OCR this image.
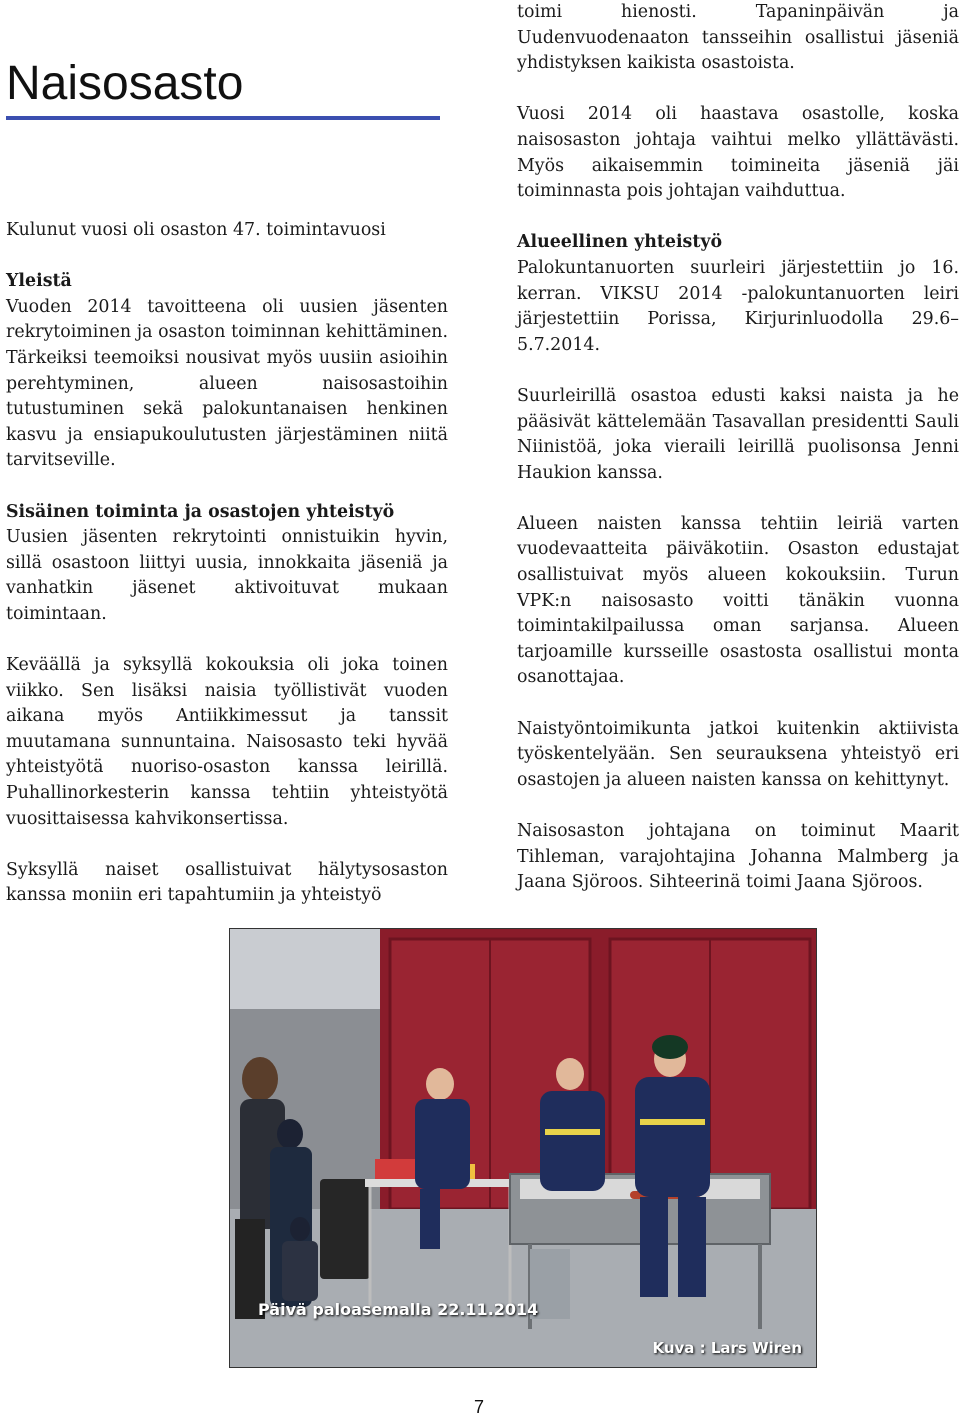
Naisosasto

Kulunut vuosi oli osaston 47. toimintavuosi

Yleistä

Vuoden 2014 tavoitteena oli uusien jäsenten rekrytoiminen ja osaston toiminnan kehittäminen. Tärkeiksi teemoiksi nousivat myös uusiin asioihin perehtyminen, alueen naisosastoihin tutustuminen sekä palokuntanaisen henkinen kasvu ja ensiapukoulutusten järjestäminen niitä tarvitseville.

Sisäinen toiminta ja osastojen yhteistyö

Uusien jäsenten rekrytointi onnistuikin hyvin, sillä osastoon liittyi uusia, innokkaita jäseniä ja vanhatkin jäsenet aktivoituvat mukaan toimintaan.

Keväällä ja syksyllä kokouksia oli joka toinen viikko. Sen lisäksi naisia työllistivät vuoden aikana myös Antiikkimessut ja tanssit muutamana sunnuntaina. Naisosasto teki hyvää yhteistyötä nuoriso-osaston kanssa leirillä. Puhallinorkesterin kanssa tehtiin yhteistyötä vuosittaisessa kahvikonsertissa.

Syksyllä naiset osallistuivat hälytysosaston kanssa moniin eri tapahtumiin ja yhteistyö

toimi hienosti. Tapaninpäivän ja Uudenvuodenaaton tansseihin osallistui jäseniä yhdistyksen kaikista osastoista.

Vuosi 2014 oli haastava osastolle, koska naisosaston johtaja vaihtui melko yllättävästi. Myös aikaisemmin toimineita jäseniä jäi toiminnasta pois johtajan vaihduttua.

Alueellinen yhteistyö

Palokuntanuorten suurleiri järjestettiin jo 16. kerran. VIKSU 2014 -palokuntanuorten leiri järjestettiin Porissa, Kirjurinluodolla 29.6–5.7.2014.

Suurleirillä osastoa edusti kaksi naista ja he pääsivät kättelemään Tasavallan presidentti Sauli Niinistöä, joka vieraili leirillä puolisonsa Jenni Haukion kanssa.

Alueen naisten kanssa tehtiin leiriä varten vuodevaatteita päiväkotiin. Osaston edustajat osallistuivat myös alueen kokouksiin. Turun VPK:n naisosasto voitti tänäkin vuonna toimintakilpailussa oman sarjansa. Alueen tarjoamille kursseille osastosta osallistui monta osanottajaa.

Naistyöntoimikunta jatkoi kuitenkin aktiivista työskentelyään. Sen seurauksena yhteistyö eri osastojen ja alueen naisten kanssa on kehittynyt.

Naisosaston johtajana on toiminut Maarit Tihleman, varajohtajina Johanna Malmberg ja Jaana Sjöroos. Sihteerinä toimi Jaana Sjöroos.

Päivä paloasemalla 22.11.2014
Kuva : Lars Wiren
7
